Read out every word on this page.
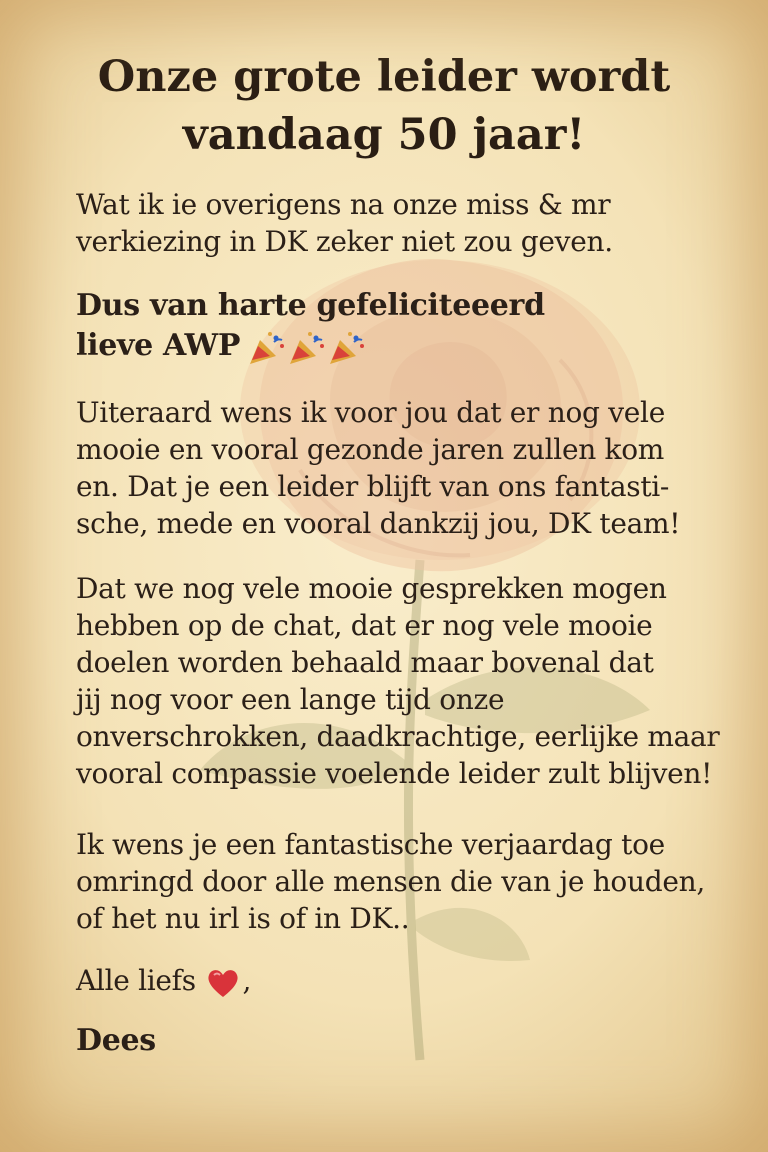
Onze grote leider wordt vandaag 50 jaar!

Wat ik ie overigens na onze miss & mr
verkiezing in DK zeker niet zou geven.

Dus van harte gefeliciteeerd
lieve AWP

Uiteraard wens ik voor jou dat er nog vele
mooie en vooral gezonde jaren zullen kom
en. Dat je een leider blijft van ons fantasti-
sche, mede en vooral dankzij jou, DK team!

Dat we nog vele mooie gesprekken mogen
hebben op de chat, dat er nog vele mooie
doelen worden behaald maar bovenal dat
jij nog voor een lange tijd onze
onverschrokken, daadkrachtige, eerlijke maar
vooral compassie voelende leider zult blijven!

Ik wens je een fantastische verjaardag toe
omringd door alle mensen die van je houden,
of het nu irl is of in DK..

Alle liefs ,

Dees
